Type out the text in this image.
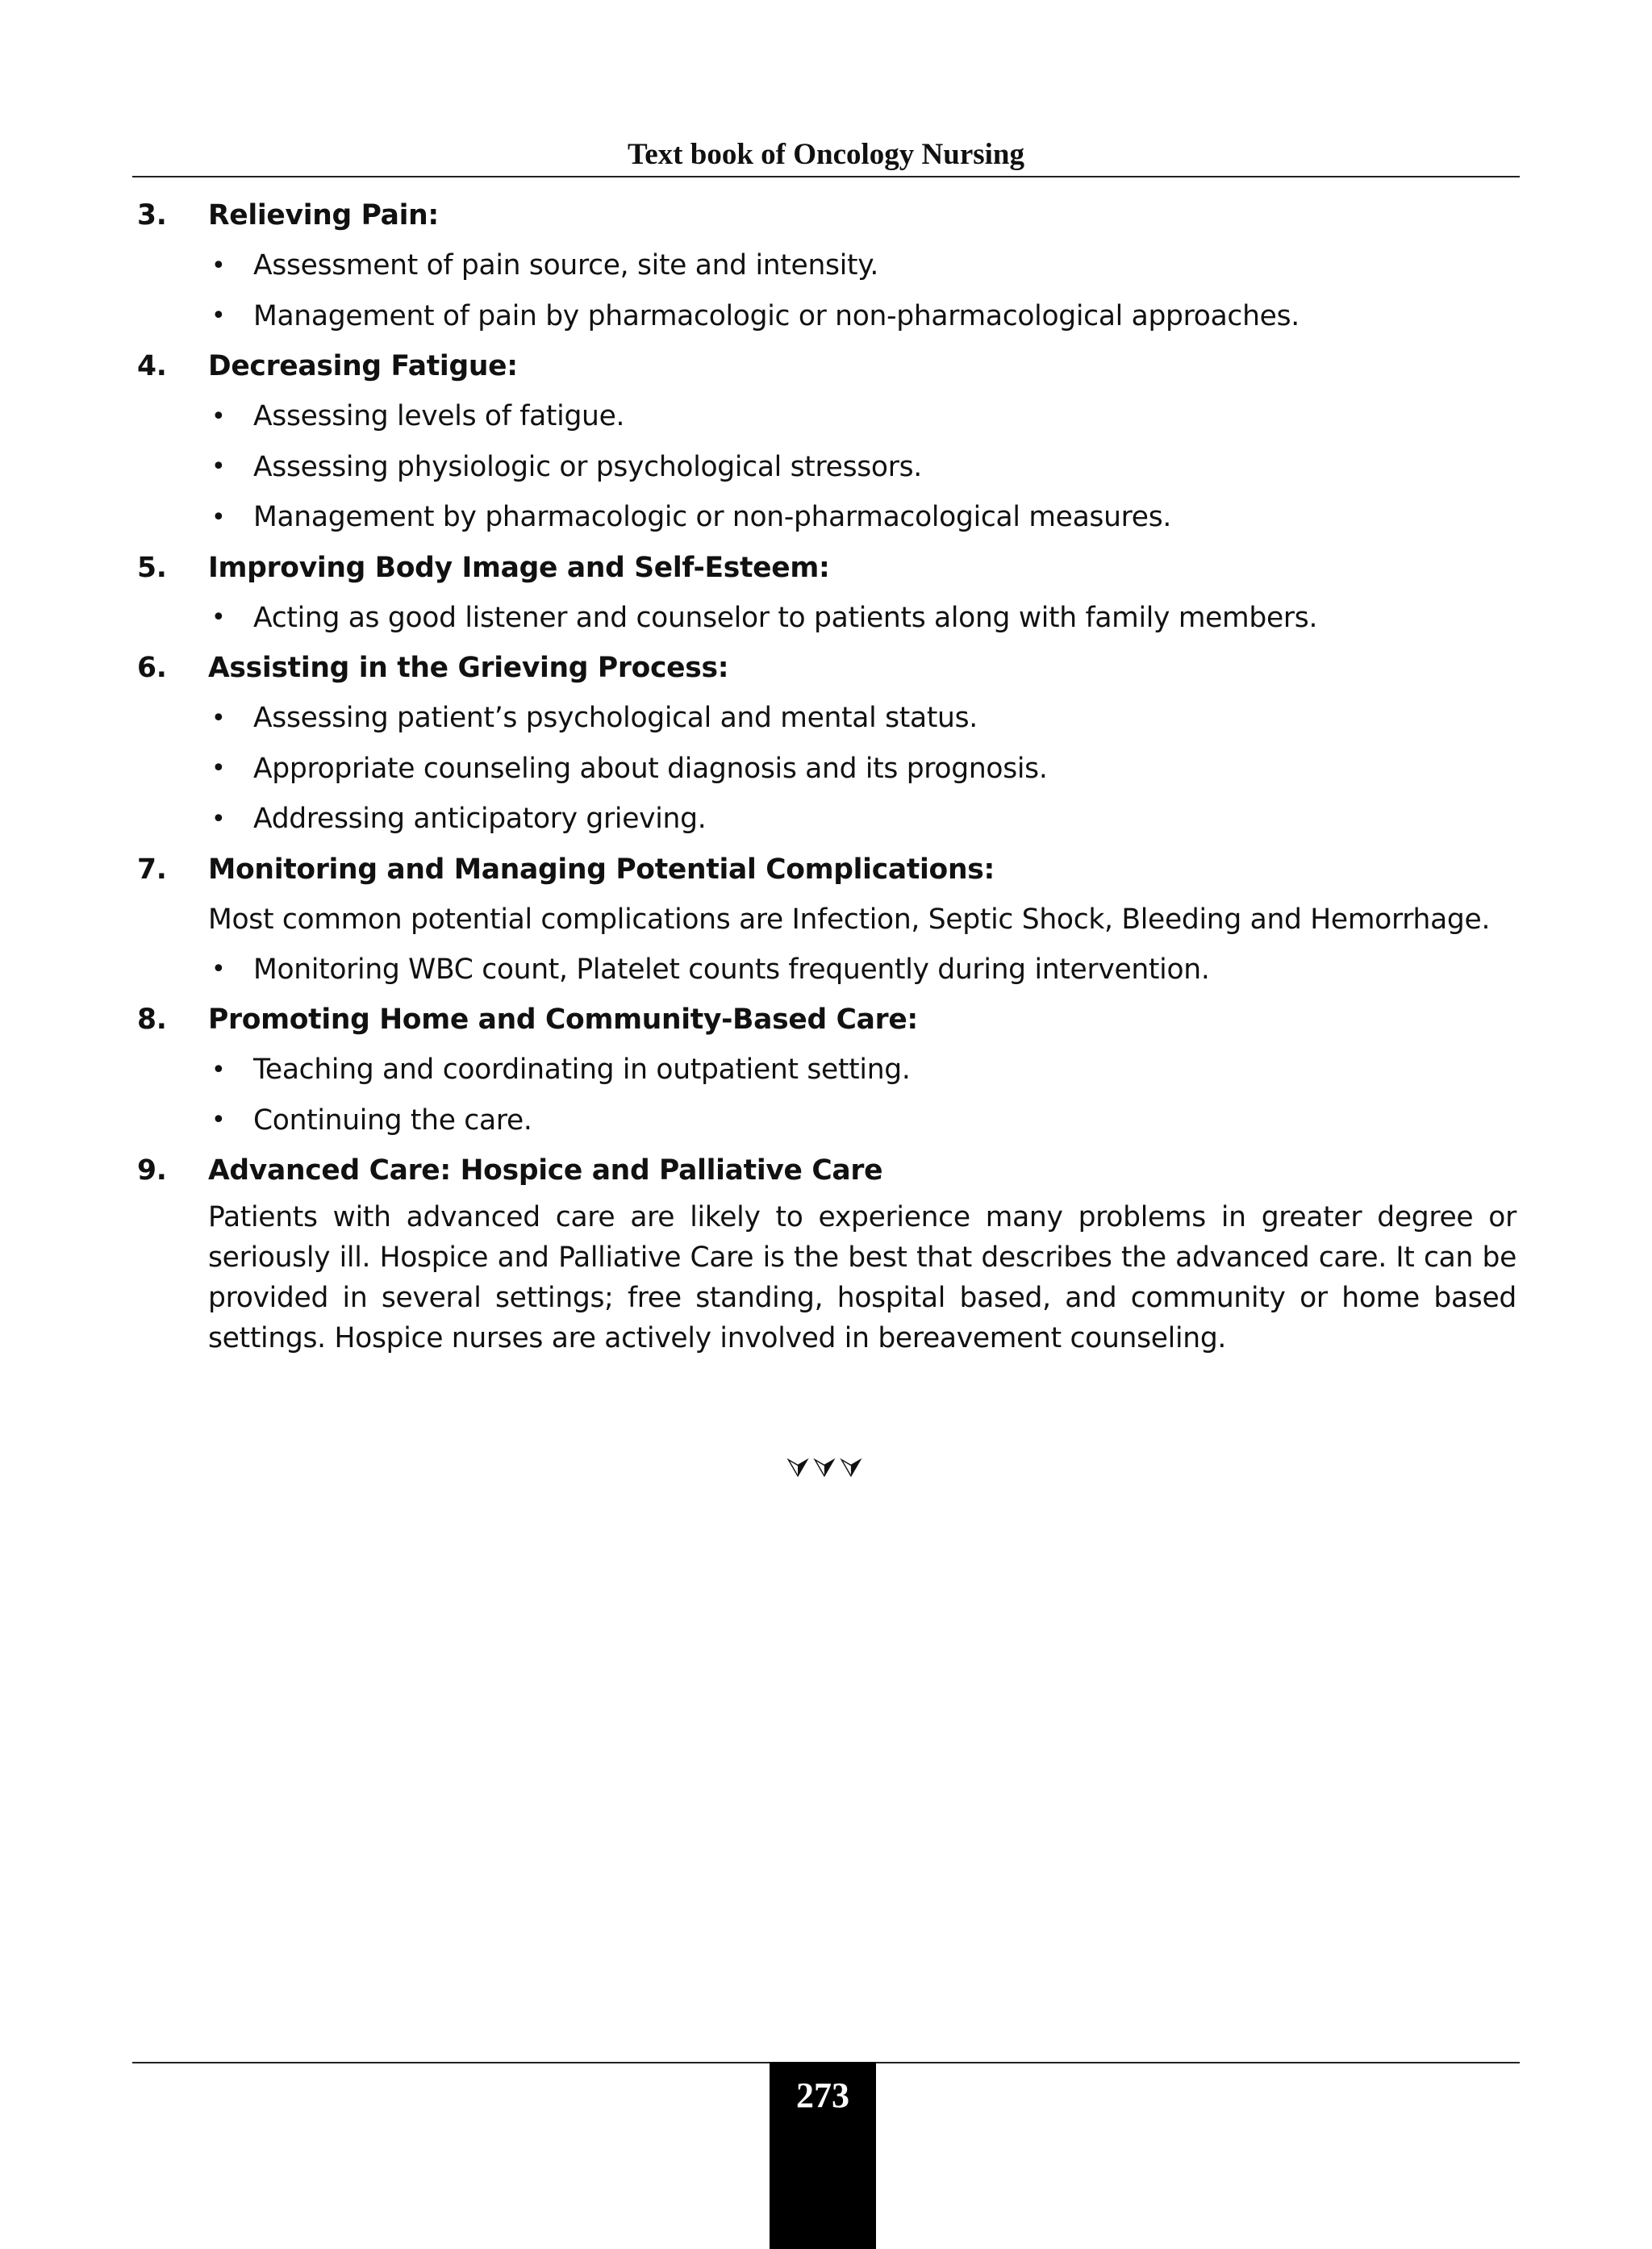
Text book of Oncology Nursing
3.	Relieving Pain:
•	Assessment of pain source, site and intensity.
•	Management of pain by pharmacologic or non-pharmacological approaches.
4.	Decreasing Fatigue:
•	Assessing levels of fatigue.
•	Assessing physiologic or psychological stressors.
•	Management by pharmacologic or non-pharmacological measures.
5.	Improving Body Image and Self-Esteem:
•	Acting as good listener and counselor to patients along with family members.
6.	Assisting in the Grieving Process:
•	Assessing patient’s psychological and mental status.
•	Appropriate counseling about diagnosis and its prognosis.
•	Addressing anticipatory grieving.
7.	Monitoring and Managing Potential Complications:
Most common potential complications are Infection, Septic Shock, Bleeding and Hemorrhage.
•	Monitoring WBC count, Platelet counts frequently during intervention.
8.	Promoting Home and Community-Based Care:
•	Teaching and coordinating in outpatient setting.
•	Continuing the care.
9.	Advanced Care: Hospice and Palliative Care
Patients with advanced care are likely to experience many problems in greater degree or seriously ill. Hospice and Palliative Care is the best that describes the advanced care. It can be provided in several settings; free standing, hospital based, and community or home based settings. Hospice nurses are actively involved in bereavement counseling.
⮛⮛⮛
273
